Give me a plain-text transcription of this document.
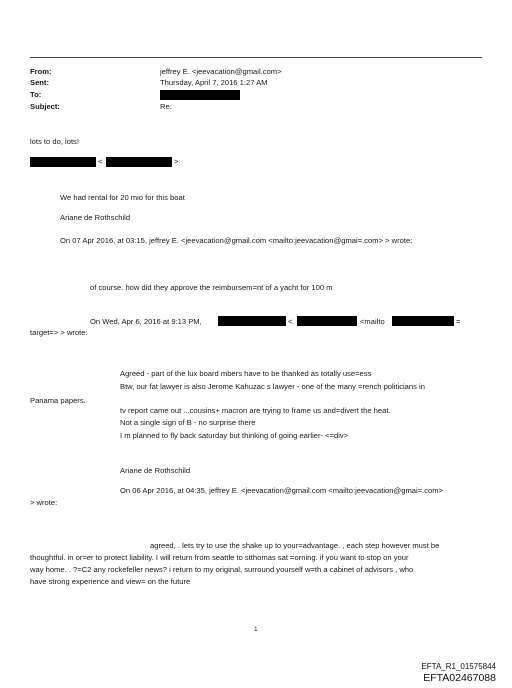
From:	jeffrey E. <jeevacation@gmail.com>
Sent:	Thursday, April 7, 2016 1:27 AM
To:
Subject:	Re:
lots to do, lots!
<	>
We had rental for 20 mio for this boat
Ariane de Rothschild
On 07 Apr 2016, at 03:15, jeffrey E. <jeevacation@gmail.com <mailto:jeevacation@gmai=.com> > wrote:
of course. how did they approve the reimbursem=nt of a yacht for 100 m
On Wed, Apr 6, 2016 at 9:13 PM,	<	<mailto	=
target=> > wrote:
Agreed - part of the lux board mbers have to be thanked as totally use=ess
Btw, our fat lawyer is also Jerome Kahuzac s lawyer - one of the many =rench politicians in
Panama papers.
tv report came out ...cousins+ macron are trying to frame us and=divert the heat.
Not a single sign of B - no surprise there
I m planned to fly back saturday but thinking of going earlier- <=div>
Ariane de Rothschild
On 06 Apr 2016, at 04:35, jeffrey E. <jeevacation@gmail.com <mailto:jeevacation@gmai=.com>
> wrote:
agreed, . lets try to use the shake up to your=advantage. , each step however must be
thoughtful. in or=er to protect liability. I will return from seattle to stthomas sat =orning. if you want to stop on your
way home. . ?=C2 any rockefeller news? i return to my original, surround yourself w=th a cabinet of advisors , who
have strong experience and view= on the future
1
EFTA_R1_01575844
EFTA02467088
